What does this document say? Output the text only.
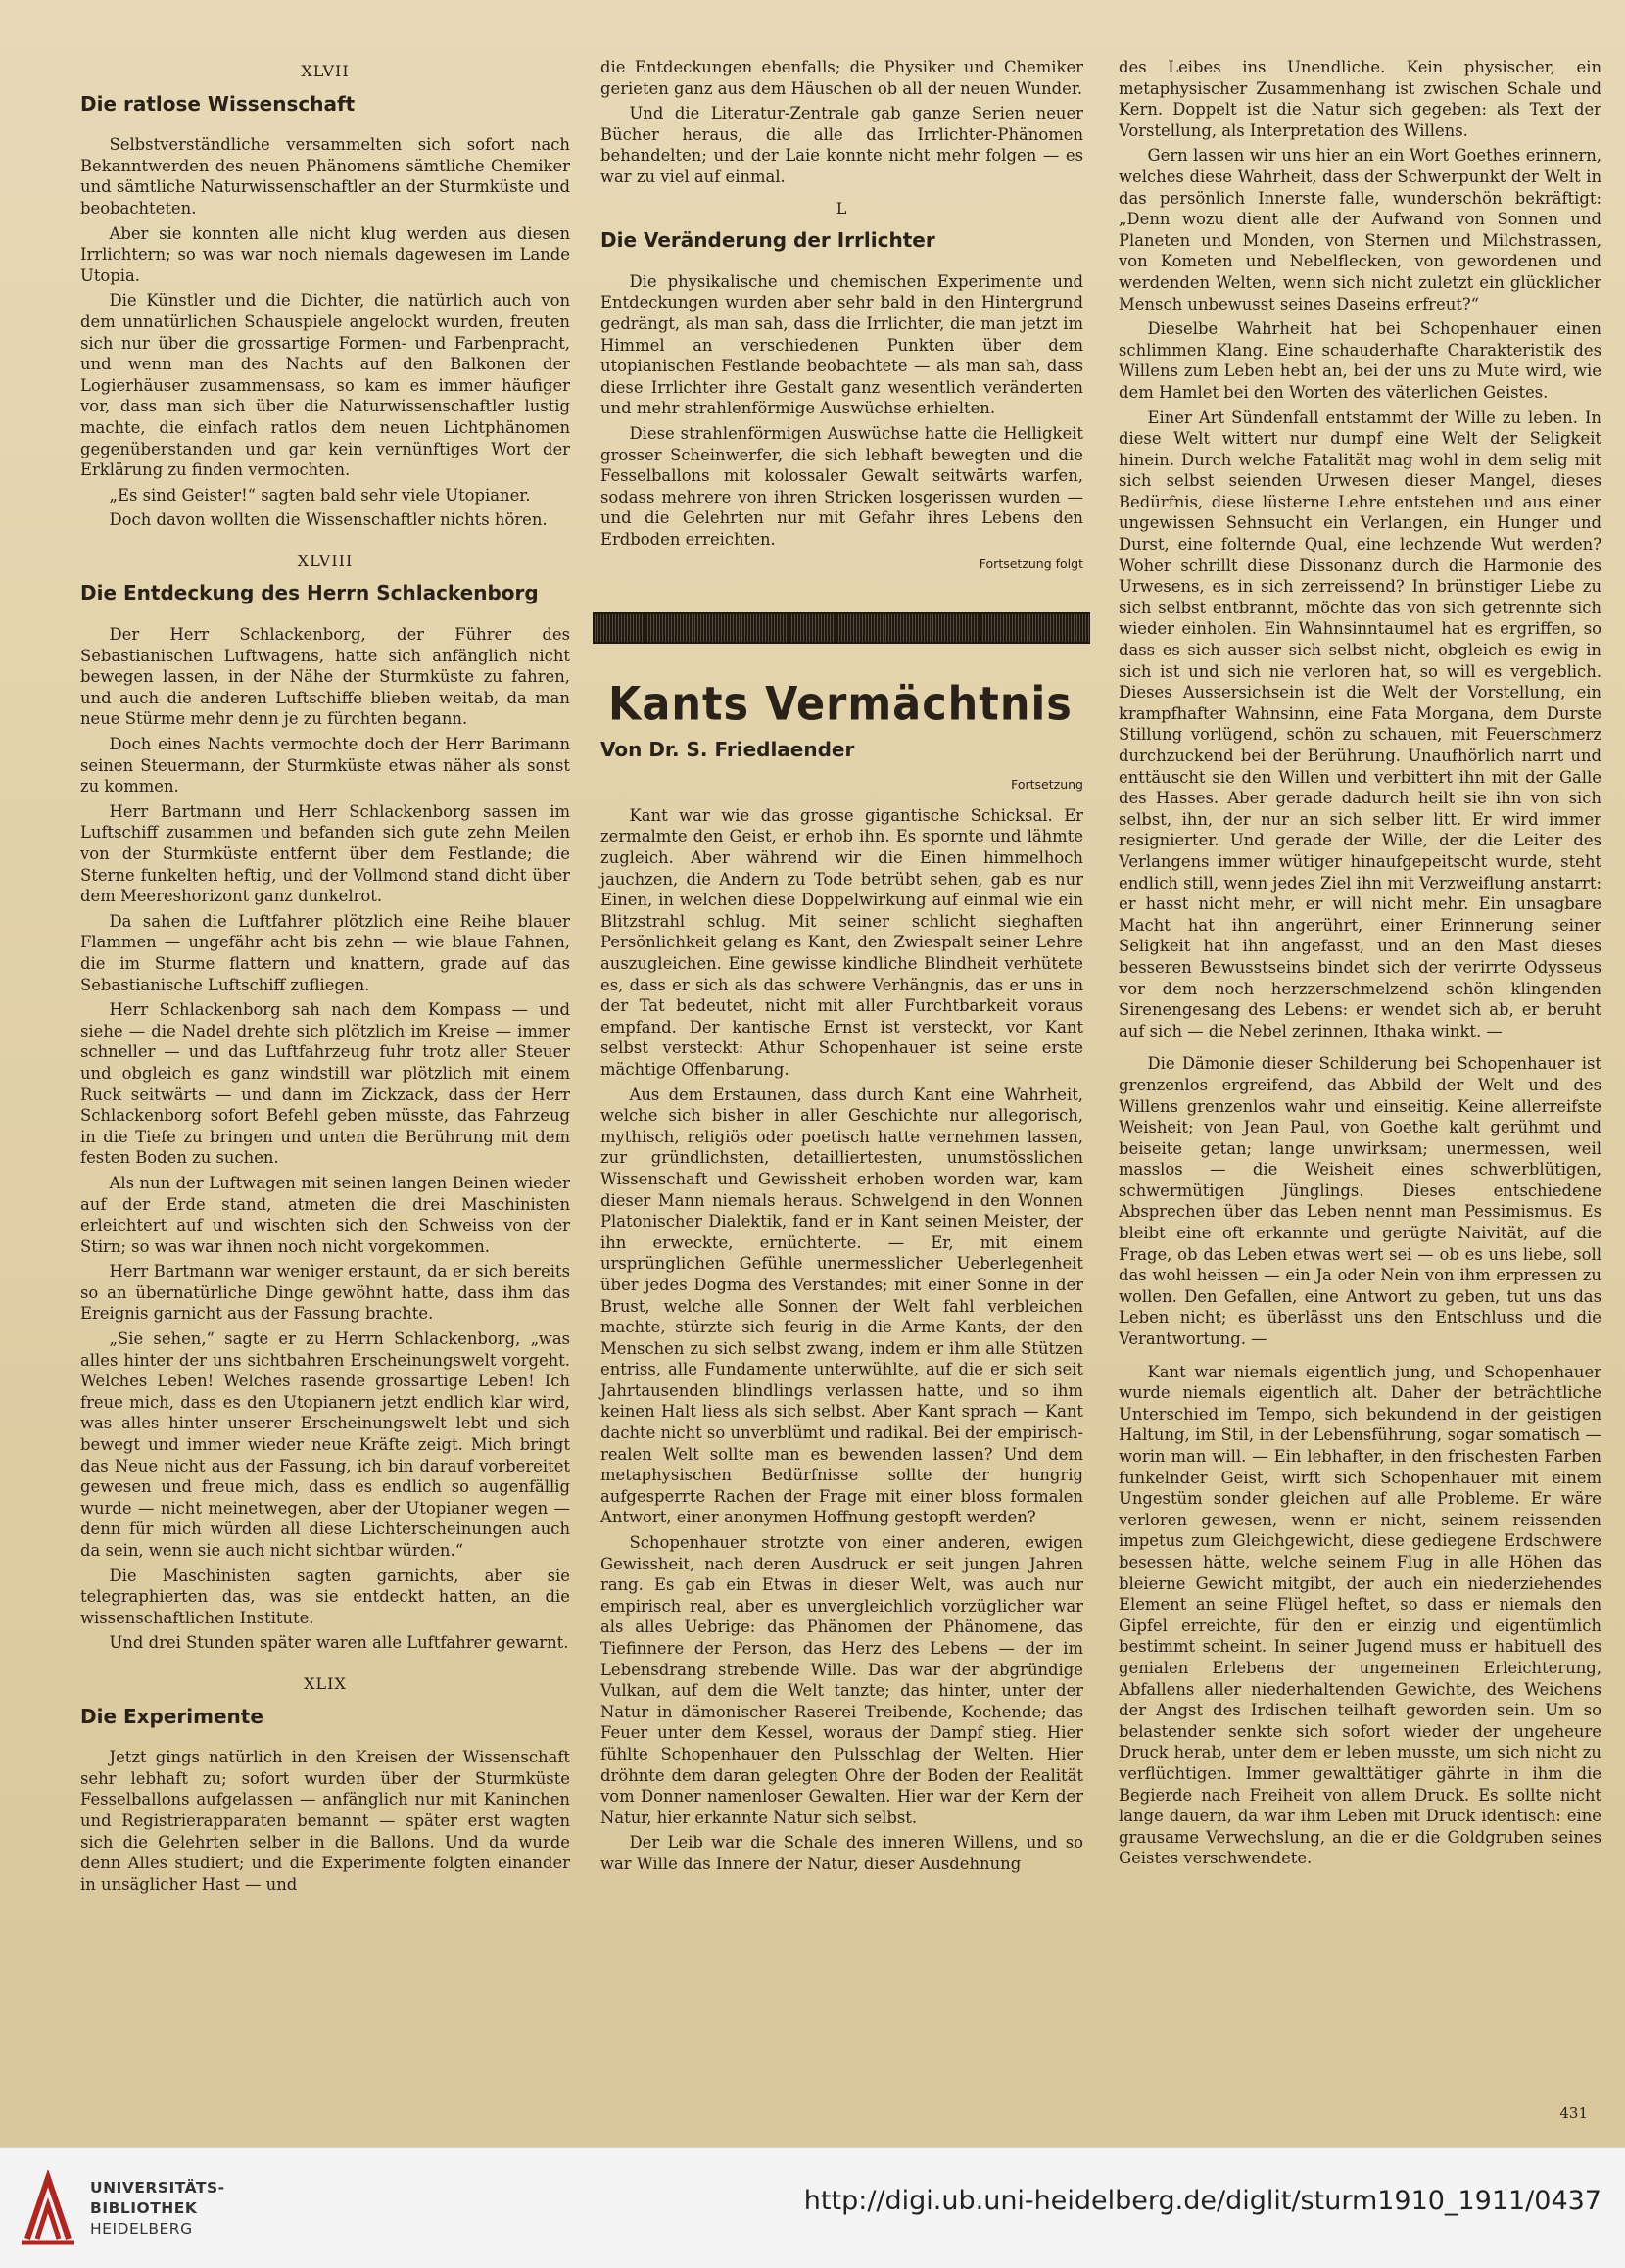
XLVII
Die ratlose Wissenschaft

Selbstverständliche versammelten sich sofort nach Bekanntwerden des neuen Phänomens sämtliche Chemiker und sämtliche Naturwissenschaftler an der Sturmküste und beobachteten.

Aber sie konnten alle nicht klug werden aus diesen Irrlichtern; so was war noch niemals dagewesen im Lande Utopia.

Die Künstler und die Dichter, die natürlich auch von dem unnatürlichen Schauspiele angelockt wurden, freuten sich nur über die grossartige Formen- und Farbenpracht, und wenn man des Nachts auf den Balkonen der Logierhäuser zusammensass, so kam es immer häufiger vor, dass man sich über die Naturwissenschaftler lustig machte, die einfach ratlos dem neuen Lichtphänomen gegenüberstanden und gar kein vernünftiges Wort der Erklärung zu finden vermochten.

„Es sind Geister!“ sagten bald sehr viele Utopianer.

Doch davon wollten die Wissenschaftler nichts hören.

XLVIII
Die Entdeckung des Herrn Schlackenborg

Der Herr Schlackenborg, der Führer des Sebastianischen Luftwagens, hatte sich anfänglich nicht bewegen lassen, in der Nähe der Sturmküste zu fahren, und auch die anderen Luftschiffe blieben weitab, da man neue Stürme mehr denn je zu fürchten begann.

Doch eines Nachts vermochte doch der Herr Barimann seinen Steuermann, der Sturmküste etwas näher als sonst zu kommen.

Herr Bartmann und Herr Schlackenborg sassen im Luftschiff zusammen und befanden sich gute zehn Meilen von der Sturmküste entfernt über dem Festlande; die Sterne funkelten heftig, und der Vollmond stand dicht über dem Meereshorizont ganz dunkelrot.

Da sahen die Luftfahrer plötzlich eine Reihe blauer Flammen — ungefähr acht bis zehn — wie blaue Fahnen, die im Sturme flattern und knattern, grade auf das Sebastianische Luftschiff zufliegen.

Herr Schlackenborg sah nach dem Kompass — und siehe — die Nadel drehte sich plötzlich im Kreise — immer schneller — und das Luftfahrzeug fuhr trotz aller Steuer und obgleich es ganz windstill war plötzlich mit einem Ruck seitwärts — und dann im Zickzack, dass der Herr Schlackenborg sofort Befehl geben müsste, das Fahrzeug in die Tiefe zu bringen und unten die Berührung mit dem festen Boden zu suchen.

Als nun der Luftwagen mit seinen langen Beinen wieder auf der Erde stand, atmeten die drei Maschinisten erleichtert auf und wischten sich den Schweiss von der Stirn; so was war ihnen noch nicht vorgekommen.

Herr Bartmann war weniger erstaunt, da er sich bereits so an übernatürliche Dinge gewöhnt hatte, dass ihm das Ereignis garnicht aus der Fassung brachte.

„Sie sehen,“ sagte er zu Herrn Schlackenborg, „was alles hinter der uns sichtbahren Erscheinungswelt vorgeht. Welches Leben! Welches rasende grossartige Leben! Ich freue mich, dass es den Utopianern jetzt endlich klar wird, was alles hinter unserer Erscheinungswelt lebt und sich bewegt und immer wieder neue Kräfte zeigt. Mich bringt das Neue nicht aus der Fassung, ich bin darauf vorbereitet gewesen und freue mich, dass es endlich so augenfällig wurde — nicht meinetwegen, aber der Utopianer wegen — denn für mich würden all diese Lichterscheinungen auch da sein, wenn sie auch nicht sichtbar würden.“

Die Maschinisten sagten garnichts, aber sie telegraphierten das, was sie entdeckt hatten, an die wissenschaftlichen Institute.

Und drei Stunden später waren alle Luftfahrer gewarnt.

XLIX
Die Experimente

Jetzt gings natürlich in den Kreisen der Wissenschaft sehr lebhaft zu; sofort wurden über der Sturmküste Fesselballons aufgelassen — anfänglich nur mit Kaninchen und Registrierapparaten bemannt — später erst wagten sich die Gelehrten selber in die Ballons. Und da wurde denn Alles studiert; und die Experimente folgten einander in unsäglicher Hast — und

die Entdeckungen ebenfalls; die Physiker und Chemiker gerieten ganz aus dem Häuschen ob all der neuen Wunder.

Und die Literatur-Zentrale gab ganze Serien neuer Bücher heraus, die alle das Irrlichter-Phänomen behandelten; und der Laie konnte nicht mehr folgen — es war zu viel auf einmal.

L
Die Veränderung der Irrlichter

Die physikalische und chemischen Experimente und Entdeckungen wurden aber sehr bald in den Hintergrund gedrängt, als man sah, dass die Irrlichter, die man jetzt im Himmel an verschiedenen Punkten über dem utopianischen Festlande beobachtete — als man sah, dass diese Irrlichter ihre Gestalt ganz wesentlich veränderten und mehr strahlenförmige Auswüchse erhielten.

Diese strahlenförmigen Auswüchse hatte die Helligkeit grosser Scheinwerfer, die sich lebhaft bewegten und die Fesselballons mit kolossaler Gewalt seitwärts warfen, sodass mehrere von ihren Stricken losgerissen wurden — und die Gelehrten nur mit Gefahr ihres Lebens den Erdboden erreichten.

Fortsetzung folgt
Kants Vermächtnis
Von Dr. S. Friedlaender
Fortsetzung

Kant war wie das grosse gigantische Schicksal. Er zermalmte den Geist, er erhob ihn. Es spornte und lähmte zugleich. Aber während wir die Einen himmelhoch jauchzen, die Andern zu Tode betrübt sehen, gab es nur Einen, in welchen diese Doppelwirkung auf einmal wie ein Blitzstrahl schlug. Mit seiner schlicht sieghaften Persönlichkeit gelang es Kant, den Zwiespalt seiner Lehre auszugleichen. Eine gewisse kindliche Blindheit verhütete es, dass er sich als das schwere Verhängnis, das er uns in der Tat bedeutet, nicht mit aller Furchtbarkeit voraus empfand. Der kantische Ernst ist versteckt, vor Kant selbst versteckt: Athur Schopenhauer ist seine erste mächtige Offenbarung.

Aus dem Erstaunen, dass durch Kant eine Wahrheit, welche sich bisher in aller Geschichte nur allegorisch, mythisch, religiös oder poetisch hatte vernehmen lassen, zur gründlichsten, detailliertesten, unumstösslichen Wissenschaft und Gewissheit erhoben worden war, kam dieser Mann niemals heraus. Schwelgend in den Wonnen Platonischer Dialektik, fand er in Kant seinen Meister, der ihn erweckte, ernüchterte. — Er, mit einem ursprünglichen Gefühle unermesslicher Ueberlegenheit über jedes Dogma des Verstandes; mit einer Sonne in der Brust, welche alle Sonnen der Welt fahl verbleichen machte, stürzte sich feurig in die Arme Kants, der den Menschen zu sich selbst zwang, indem er ihm alle Stützen entriss, alle Fundamente unterwühlte, auf die er sich seit Jahrtausenden blindlings verlassen hatte, und so ihm keinen Halt liess als sich selbst. Aber Kant sprach — Kant dachte nicht so unverblümt und radikal. Bei der empirisch-realen Welt sollte man es bewenden lassen? Und dem metaphysischen Bedürfnisse sollte der hungrig aufgesperrte Rachen der Frage mit einer bloss formalen Antwort, einer anonymen Hoffnung gestopft werden?

Schopenhauer strotzte von einer anderen, ewigen Gewissheit, nach deren Ausdruck er seit jungen Jahren rang. Es gab ein Etwas in dieser Welt, was auch nur empirisch real, aber es unvergleichlich vorzüglicher war als alles Uebrige: das Phänomen der Phänomene, das Tiefinnere der Person, das Herz des Lebens — der im Lebensdrang strebende Wille. Das war der abgründige Vulkan, auf dem die Welt tanzte; das hinter, unter der Natur in dämonischer Raserei Treibende, Kochende; das Feuer unter dem Kessel, woraus der Dampf stieg. Hier fühlte Schopenhauer den Pulsschlag der Welten. Hier dröhnte dem daran gelegten Ohre der Boden der Realität vom Donner namenloser Gewalten. Hier war der Kern der Natur, hier erkannte Natur sich selbst.

Der Leib war die Schale des inneren Willens, und so war Wille das Innere der Natur, dieser Ausdehnung

des Leibes ins Unendliche. Kein physischer, ein metaphysischer Zusammenhang ist zwischen Schale und Kern. Doppelt ist die Natur sich gegeben: als Text der Vorstellung, als Interpretation des Willens.

Gern lassen wir uns hier an ein Wort Goethes erinnern, welches diese Wahrheit, dass der Schwerpunkt der Welt in das persönlich Innerste falle, wunderschön bekräftigt: „Denn wozu dient alle der Aufwand von Sonnen und Planeten und Monden, von Sternen und Milchstrassen, von Kometen und Nebelflecken, von gewordenen und werdenden Welten, wenn sich nicht zuletzt ein glücklicher Mensch unbewusst seines Daseins erfreut?“

Dieselbe Wahrheit hat bei Schopenhauer einen schlimmen Klang. Eine schauderhafte Charakteristik des Willens zum Leben hebt an, bei der uns zu Mute wird, wie dem Hamlet bei den Worten des väterlichen Geistes.

Einer Art Sündenfall entstammt der Wille zu leben. In diese Welt wittert nur dumpf eine Welt der Seligkeit hinein. Durch welche Fatalität mag wohl in dem selig mit sich selbst seienden Urwesen dieser Mangel, dieses Bedürfnis, diese lüsterne Lehre entstehen und aus einer ungewissen Sehnsucht ein Verlangen, ein Hunger und Durst, eine folternde Qual, eine lechzende Wut werden? Woher schrillt diese Dissonanz durch die Harmonie des Urwesens, es in sich zerreissend? In brünstiger Liebe zu sich selbst entbrannt, möchte das von sich getrennte sich wieder einholen. Ein Wahnsinntaumel hat es ergriffen, so dass es sich ausser sich selbst nicht, obgleich es ewig in sich ist und sich nie verloren hat, so will es vergeblich. Dieses Aussersichsein ist die Welt der Vorstellung, ein krampfhafter Wahnsinn, eine Fata Morgana, dem Durste Stillung vorlügend, schön zu schauen, mit Feuerschmerz durchzuckend bei der Berührung. Unaufhörlich narrt und enttäuscht sie den Willen und verbittert ihn mit der Galle des Hasses. Aber gerade dadurch heilt sie ihn von sich selbst, ihn, der nur an sich selber litt. Er wird immer resignierter. Und gerade der Wille, der die Leiter des Verlangens immer wütiger hinaufgepeitscht wurde, steht endlich still, wenn jedes Ziel ihn mit Verzweiflung anstarrt: er hasst nicht mehr, er will nicht mehr. Ein unsagbare Macht hat ihn angerührt, einer Erinnerung seiner Seligkeit hat ihn angefasst, und an den Mast dieses besseren Bewusstseins bindet sich der verirrte Odysseus vor dem noch herzzerschmelzend schön klingenden Sirenengesang des Lebens: er wendet sich ab, er beruht auf sich — die Nebel zerinnen, Ithaka winkt. —

Die Dämonie dieser Schilderung bei Schopenhauer ist grenzenlos ergreifend, das Abbild der Welt und des Willens grenzenlos wahr und einseitig. Keine allerreifste Weisheit; von Jean Paul, von Goethe kalt gerühmt und beiseite getan; lange unwirksam; unermessen, weil masslos — die Weisheit eines schwerblütigen, schwermütigen Jünglings. Dieses entschiedene Absprechen über das Leben nennt man Pessimismus. Es bleibt eine oft erkannte und gerügte Naivität, auf die Frage, ob das Leben etwas wert sei — ob es uns liebe, soll das wohl heissen — ein Ja oder Nein von ihm erpressen zu wollen. Den Gefallen, eine Antwort zu geben, tut uns das Leben nicht; es überlässt uns den Entschluss und die Verantwortung. —

Kant war niemals eigentlich jung, und Schopenhauer wurde niemals eigentlich alt. Daher der beträchtliche Unterschied im Tempo, sich bekundend in der geistigen Haltung, im Stil, in der Lebensführung, sogar somatisch — worin man will. — Ein lebhafter, in den frischesten Farben funkelnder Geist, wirft sich Schopenhauer mit einem Ungestüm sonder gleichen auf alle Probleme. Er wäre verloren gewesen, wenn er nicht, seinem reissenden impetus zum Gleichgewicht, diese gediegene Erdschwere besessen hätte, welche seinem Flug in alle Höhen das bleierne Gewicht mitgibt, der auch ein niederziehendes Element an seine Flügel heftet, so dass er niemals den Gipfel erreichte, für den er einzig und eigentümlich bestimmt scheint. In seiner Jugend muss er habituell des genialen Erlebens der ungemeinen Erleichterung, Abfallens aller niederhaltenden Gewichte, des Weichens der Angst des Irdischen teilhaft geworden sein. Um so belastender senkte sich sofort wieder der ungeheure Druck herab, unter dem er leben musste, um sich nicht zu verflüchtigen. Immer gewalttätiger gährte in ihm die Begierde nach Freiheit von allem Druck. Es sollte nicht lange dauern, da war ihm Leben mit Druck identisch: eine grausame Verwechslung, an die er die Goldgruben seines Geistes verschwendete.

431
UNIVERSITÄTS-
BIBLIOTHEK
HEIDELBERG
http://digi.ub.uni-heidelberg.de/diglit/sturm1910_1911/0437
